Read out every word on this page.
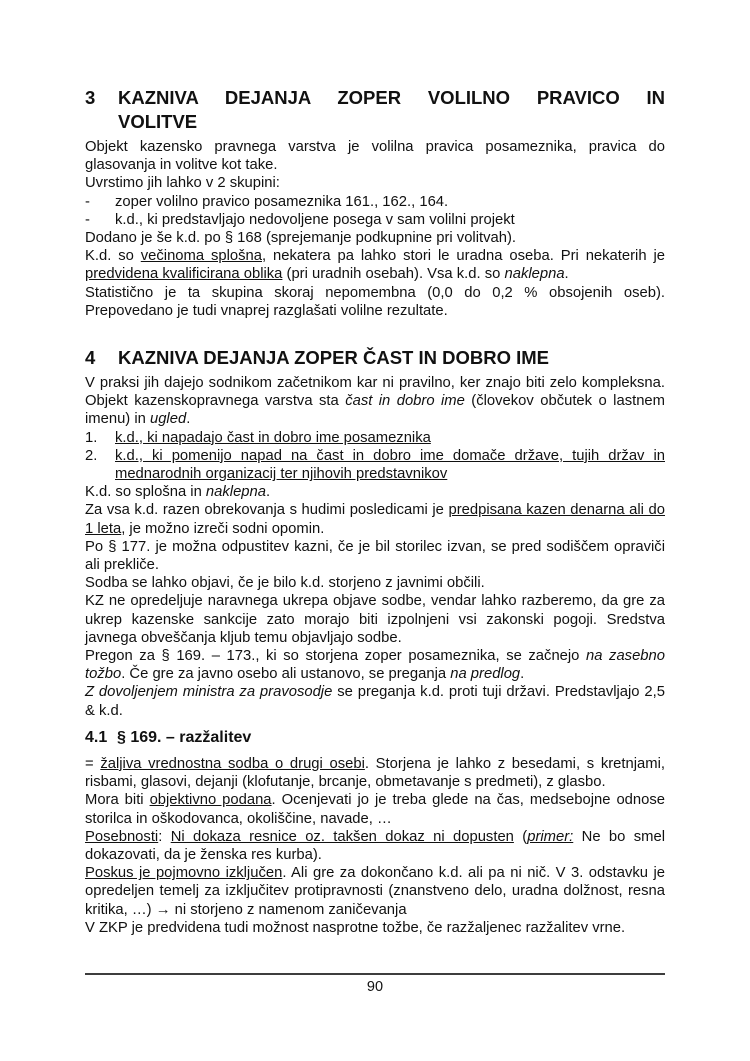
3	KAZNIVA DEJANJA ZOPER VOLILNO PRAVICO IN
VOLITVE

Objekt kazensko pravnega varstva je volilna pravica posameznika, pravica do glasovanja in volitve kot take.

Uvrstimo jih lahko v 2 skupini:

-	zoper volilno pravico posameznika 161., 162., 164.
-	k.d., ki predstavljajo nedovoljene posega v sam volilni projekt

Dodano je še k.d. po § 168 (sprejemanje podkupnine pri volitvah).

K.d. so večinoma splošna, nekatera pa lahko stori le uradna oseba. Pri nekaterih je predvidena kvalificirana oblika (pri uradnih osebah). Vsa k.d. so naklepna.

Statistično je ta skupina skoraj nepomembna (0,0 do 0,2 % obsojenih oseb). Prepovedano je tudi vnaprej razglašati volilne rezultate.

4	KAZNIVA DEJANJA ZOPER ČAST IN DOBRO IME

V praksi jih dajejo sodnikom začetnikom kar ni pravilno, ker znajo biti zelo kompleksna. Objekt kazenskopravnega varstva sta čast in dobro ime (človekov občutek o lastnem imenu) in ugled.

1.	k.d., ki napadajo čast in dobro ime posameznika
2.	k.d., ki pomenijo napad na čast in dobro ime domače države, tujih držav in mednarodnih organizacij ter njihovih predstavnikov

K.d. so splošna in naklepna.

Za vsa k.d. razen obrekovanja s hudimi posledicami je predpisana kazen denarna ali do 1 leta, je možno izreči sodni opomin.

Po § 177. je možna odpustitev kazni, če je bil storilec izvan, se pred sodiščem opraviči ali prekliče.

Sodba se lahko objavi, če je bilo k.d. storjeno z javnimi občili.

KZ ne opredeljuje naravnega ukrepa objave sodbe, vendar lahko razberemo, da gre za ukrep kazenske sankcije zato morajo biti izpolnjeni vsi zakonski pogoji. Sredstva javnega obveščanja kljub temu objavljajo sodbe.

Pregon za § 169. – 173., ki so storjena zoper posameznika, se začnejo na zasebno tožbo. Če gre za javno osebo ali ustanovo, se preganja na predlog.

Z dovoljenjem ministra za pravosodje se preganja k.d. proti tuji državi. Predstavljajo 2,5 & k.d.

4.1 § 169. – razžalitev

= žaljiva vrednostna sodba o drugi osebi. Storjena je lahko z besedami, s kretnjami, risbami, glasovi, dejanji (klofutanje, brcanje, obmetavanje s predmeti), z glasbo.

Mora biti objektivno podana. Ocenjevati jo je treba glede na čas, medsebojne odnose storilca in oškodovanca, okoliščine, navade, …

Posebnosti: Ni dokaza resnice oz. takšen dokaz ni dopusten (primer: Ne bo smel dokazovati, da je ženska res kurba).

Poskus je pojmovno izključen. Ali gre za dokončano k.d. ali pa ni nič. V 3. odstavku je opredeljen temelj za izključitev protipravnosti (znanstveno delo, uradna dolžnost, resna kritika, …) → ni storjeno z namenom zaničevanja

V ZKP je predvidena tudi možnost nasprotne tožbe, če razžaljenec razžalitev vrne.

90
